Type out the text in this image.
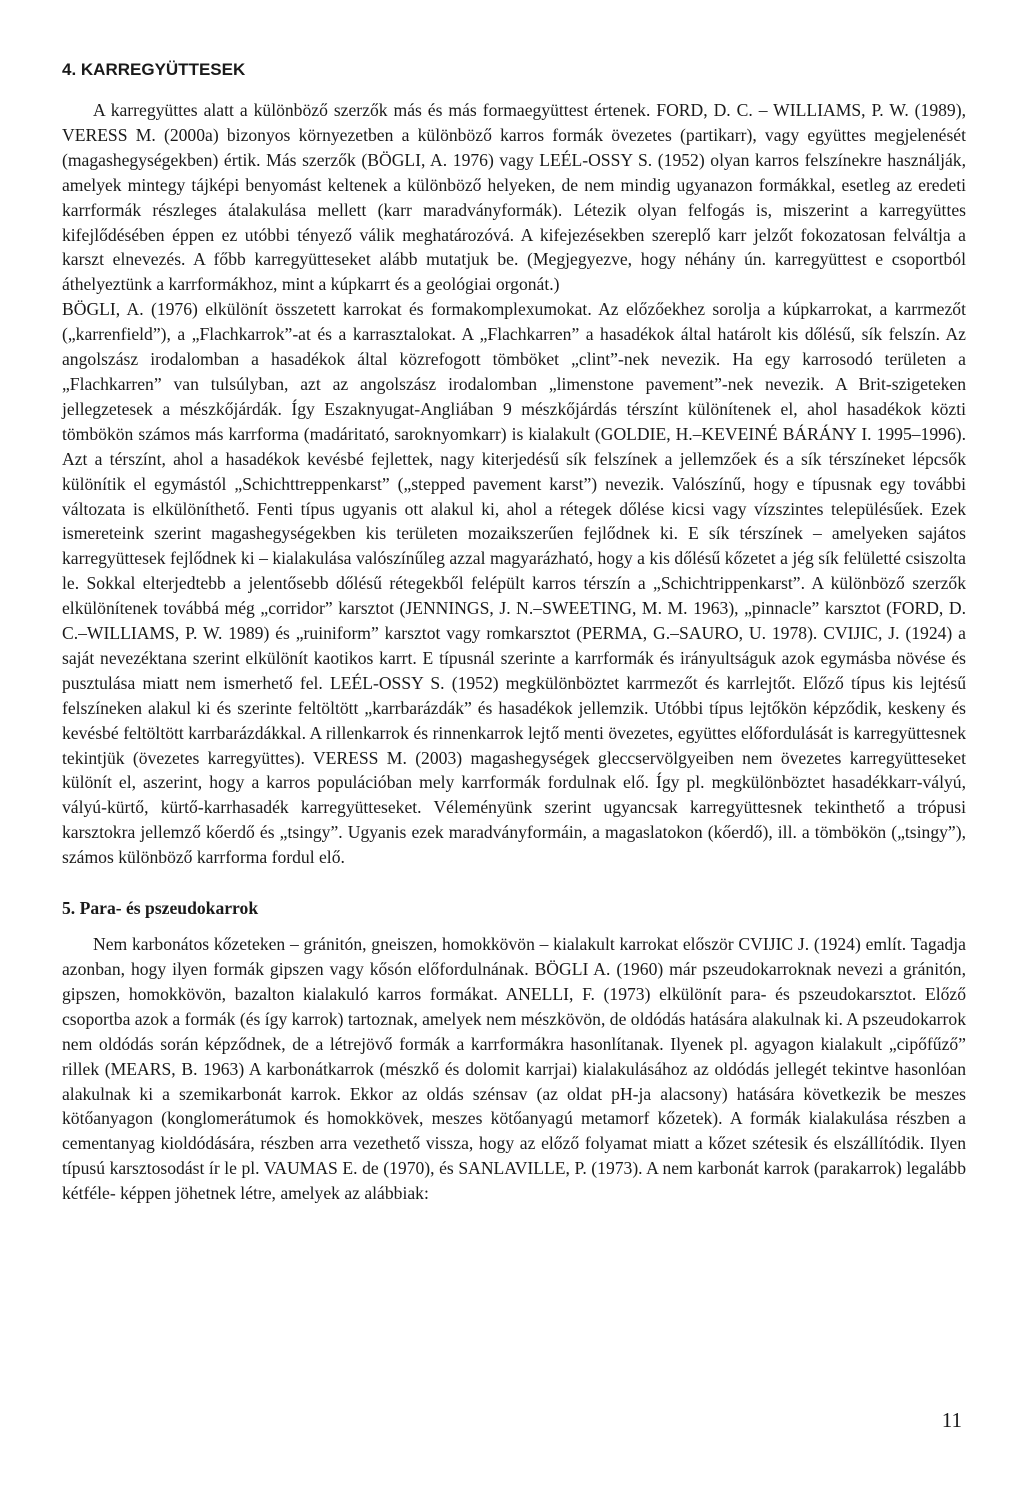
4. KARREGYÜTTESEK

A karregyüttes alatt a különböző szerzők más és más formaegyüttest értenek. FORD, D. C. – WILLIAMS, P. W. (1989), VERESS M. (2000a) bizonyos környezetben a különböző karros formák övezetes (partikarr), vagy együttes megjelenését (magashegységekben) értik. Más szerzők (BÖGLI, A. 1976) vagy LEÉL-OSSY S. (1952) olyan karros felszínekre használják, amelyek mintegy tájképi benyomást keltenek a különböző helyeken, de nem mindig ugyanazon formákkal, esetleg az eredeti karrformák részleges átalakulása mellett (karr maradványformák). Létezik olyan felfogás is, miszerint a karregyüttes kifejlődésében éppen ez utóbbi tényező válik meghatározóvá. A kifejezésekben szereplő karr jelzőt fokozatosan felváltja a karszt elnevezés. A főbb karregyütteseket alább mutatjuk be. (Megjegyezve, hogy néhány ún. karregyüttest e csoportból áthelyeztünk a karrformákhoz, mint a kúpkarrt és a geológiai orgonát.)

BÖGLI, A. (1976) elkülönít összetett karrokat és formakomplexumokat. Az előzőekhez sorolja a kúpkarrokat, a karrmezőt („karrenfield”), a „Flachkarrok”-at és a karrasztalokat. A „Flachkarren” a hasadékok által határolt kis dőlésű, sík felszín. Az angolszász irodalomban a hasadékok által közrefogott tömböket „clint”-nek nevezik. Ha egy karrosodó területen a „Flachkarren” van tulsúlyban, azt az angolszász irodalomban „limenstone pavement”-nek nevezik. A Brit-szigeteken jellegzetesek a mészkőjárdák. Így Eszaknyugat-Angliában 9 mészkőjárdás térszínt különítenek el, ahol hasadékok közti tömbökön számos más karrforma (madáritató, saroknyomkarr) is kialakult (GOLDIE, H.–KEVEINÉ BÁRÁNY I. 1995–1996). Azt a térszínt, ahol a hasadékok kevésbé fejlettek, nagy kiterjedésű sík felszínek a jellemzőek és a sík térszíneket lépcsők különítik el egymástól „Schichttreppenkarst” („stepped pavement karst”) nevezik. Valószínű, hogy e típusnak egy további változata is elkülöníthető. Fenti típus ugyanis ott alakul ki, ahol a rétegek dőlése kicsi vagy vízszintes településűek. Ezek ismereteink szerint magashegységekben kis területen mozaikszerűen fejlődnek ki. E sík térszínek – amelyeken sajátos karregyüttesek fejlődnek ki – kialakulása valószínűleg azzal magyarázható, hogy a kis dőlésű kőzetet a jég sík felületté csiszolta le. Sokkal elterjedtebb a jelentősebb dőlésű rétegekből felépült karros térszín a „Schichtrippenkarst”. A különböző szerzők elkülönítenek továbbá még „corridor” karsztot (JENNINGS, J. N.–SWEETING, M. M. 1963), „pinnacle” karsztot (FORD, D. C.–WILLIAMS, P. W. 1989) és „ruiniform” karsztot vagy romkarsztot (PERMA, G.–SAURO, U. 1978). CVIJIC, J. (1924) a saját nevezéktana szerint elkülönít kaotikos karrt. E típusnál szerinte a karrformák és irányultságuk azok egymásba növése és pusztulása miatt nem ismerhető fel. LEÉL-OSSY S. (1952) megkülönböztet karrmezőt és karrlejtőt. Előző típus kis lejtésű felszíneken alakul ki és szerinte feltöltött „karrbarázdák” és hasadékok jellemzik. Utóbbi típus lejtőkön képződik, keskeny és kevésbé feltöltött karrbarázdákkal. A rillenkarrok és rinnenkarrok lejtő menti övezetes, együttes előfordulását is karregyüttesnek tekintjük (övezetes karregyüttes). VERESS M. (2003) magashegységek gleccservölgyeiben nem övezetes karregyütteseket különít el, aszerint, hogy a karros populációban mely karrformák fordulnak elő. Így pl. megkülönböztet hasadékkarr-vályú, vályú-kürtő, kürtő-karrhasadék karregyütteseket. Véleményünk szerint ugyancsak karregyüttesnek tekinthető a trópusi karsztokra jellemző kőerdő és „tsingy”. Ugyanis ezek maradványformáin, a magaslatokon (kőerdő), ill. a tömbökön („tsingy”), számos különböző karrforma fordul elő.

5. Para- és pszeudokarrok

Nem karbonátos kőzeteken – gránitón, gneiszen, homokkövön – kialakult karrokat először CVIJIC J. (1924) említ. Tagadja azonban, hogy ilyen formák gipszen vagy kősón előfordulnának. BÖGLI A. (1960) már pszeudokarroknak nevezi a gránitón, gipszen, homokkövön, bazalton kialakuló karros formákat. ANELLI, F. (1973) elkülönít para- és pszeudokarsztot. Előző csoportba azok a formák (és így karrok) tartoznak, amelyek nem mészkövön, de oldódás hatására alakulnak ki. A pszeudokarrok nem oldódás során képződnek, de a létrejövő formák a karrformákra hasonlítanak. Ilyenek pl. agyagon kialakult „cipőfűző” rillek (MEARS, B. 1963) A karbonátkarrok (mészkő és dolomit karrjai) kialakulásához az oldódás jellegét tekintve hasonlóan alakulnak ki a szemikarbonát karrok. Ekkor az oldás szénsav (az oldat pH-ja alacsony) hatására következik be meszes kötőanyagon (konglomerátumok és homokkövek, meszes kötőanyagú metamorf kőzetek). A formák kialakulása részben a cementanyag kioldódására, részben arra vezethető vissza, hogy az előző folyamat miatt a kőzet szétesik és elszállítódik. Ilyen típusú karsztosodást ír le pl. VAUMAS E. de (1970), és SANLAVILLE, P. (1973). A nem karbonát karrok (parakarrok) legalább kétféle- képpen jöhetnek létre, amelyek az alábbiak:

11
